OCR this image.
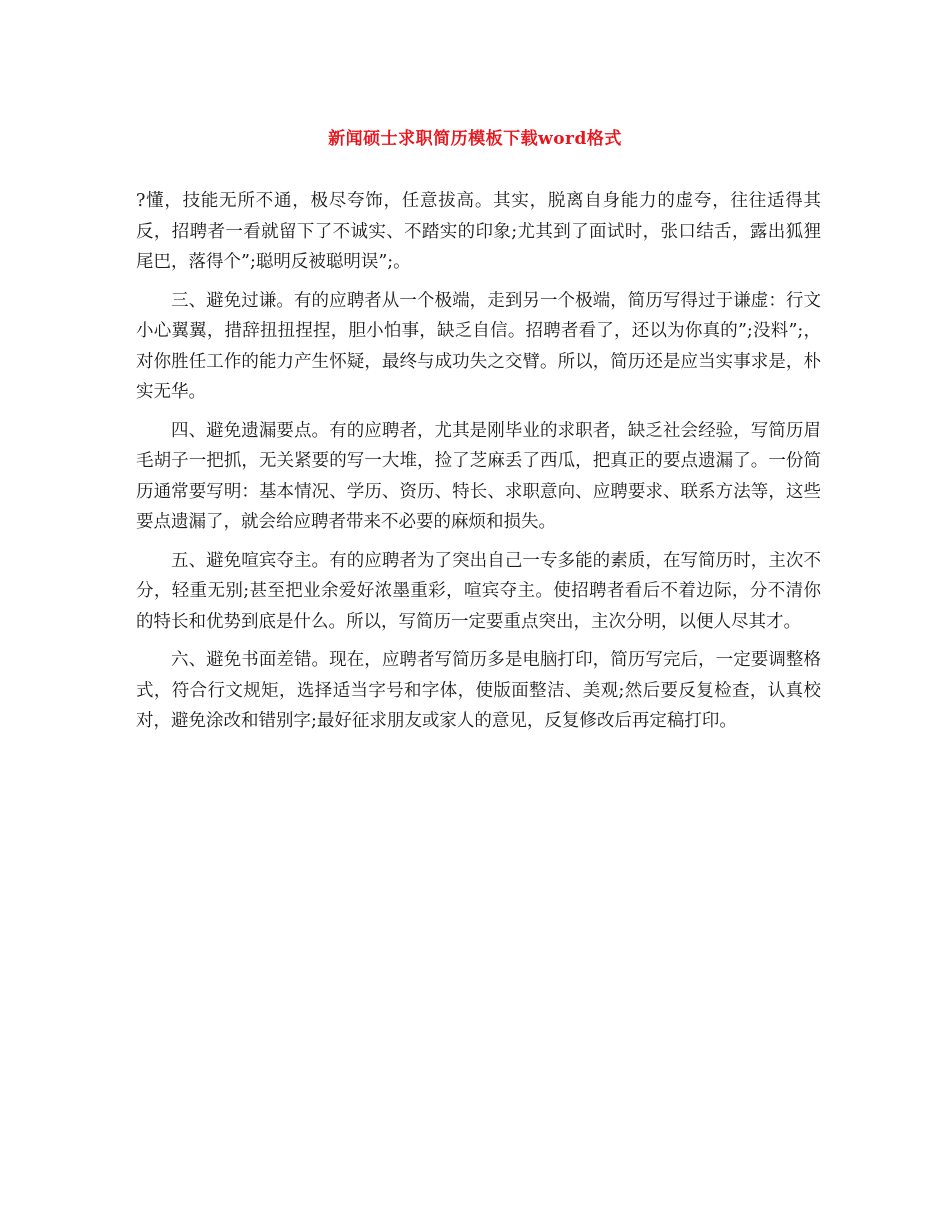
新闻硕士求职简历模板下载word格式

?懂，技能无所不通，极尽夸饰，任意拔高。其实，脱离自身能力的虚夸，往往适得其反，招聘者一看就留下了不诚实、不踏实的印象;尤其到了面试时，张口结舌，露出狐狸尾巴，落得个”;聪明反被聪明误”;。

三、避免过谦。有的应聘者从一个极端，走到另一个极端，简历写得过于谦虚：行文小心翼翼，措辞扭扭捏捏，胆小怕事，缺乏自信。招聘者看了，还以为你真的”;没料”;，对你胜任工作的能力产生怀疑，最终与成功失之交臂。所以，简历还是应当实事求是，朴实无华。

四、避免遗漏要点。有的应聘者，尤其是刚毕业的求职者，缺乏社会经验，写简历眉毛胡子一把抓，无关紧要的写一大堆，捡了芝麻丢了西瓜，把真正的要点遗漏了。一份简历通常要写明：基本情况、学历、资历、特长、求职意向、应聘要求、联系方法等，这些要点遗漏了，就会给应聘者带来不必要的麻烦和损失。

五、避免喧宾夺主。有的应聘者为了突出自己一专多能的素质，在写简历时，主次不分，轻重无别;甚至把业余爱好浓墨重彩，喧宾夺主。使招聘者看后不着边际，分不清你的特长和优势到底是什么。所以，写简历一定要重点突出，主次分明，以便人尽其才。

六、避免书面差错。现在，应聘者写简历多是电脑打印，简历写完后，一定要调整格式，符合行文规矩，选择适当字号和字体，使版面整洁、美观;然后要反复检查，认真校对，避免涂改和错别字;最好征求朋友或家人的意见，反复修改后再定稿打印。
